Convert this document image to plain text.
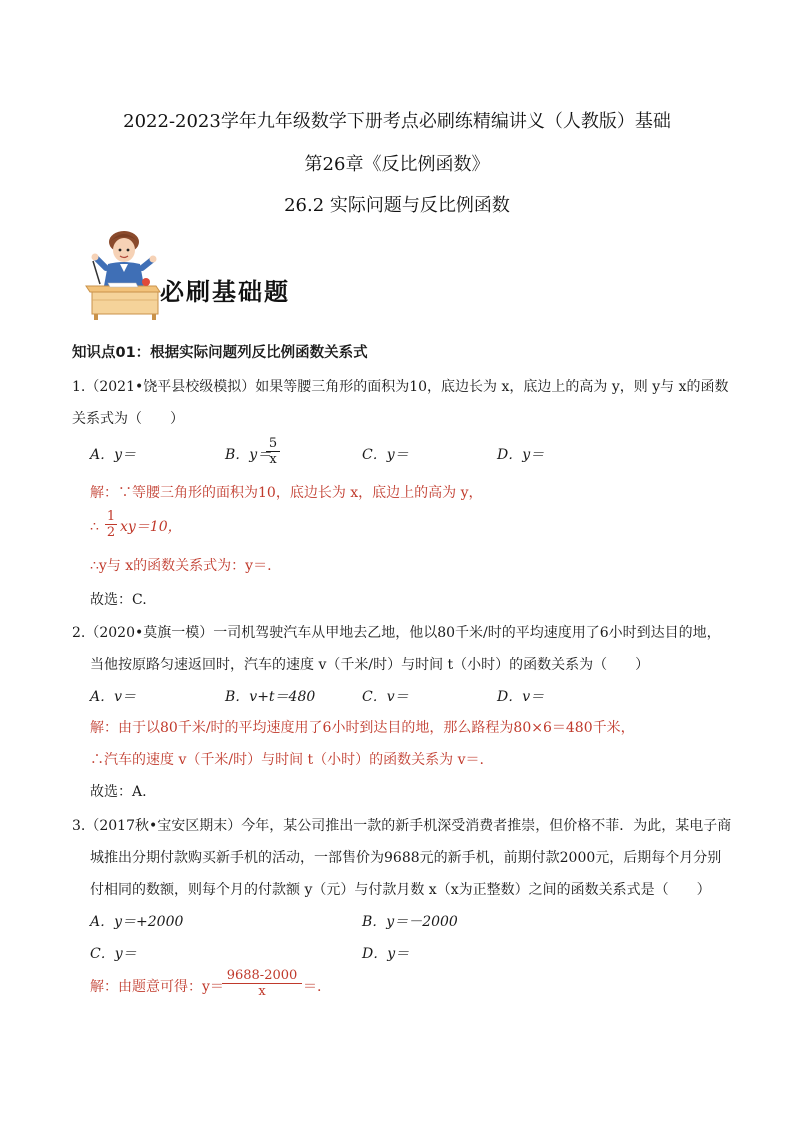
2022-2023学年九年级数学下册考点必刷练精编讲义（人教版）基础
第26章《反比例函数》
26.2 实际问题与反比例函数
必刷基础题
知识点01：根据实际问题列反比例函数关系式
1.（2021•饶平县校级模拟）如果等腰三角形的面积为10，底边长为 x，底边上的高为 y，则 y与 x的函数
关系式为（　　）
A．y＝	B．y＝
5
x	C．y＝	D．y＝
解：∵等腰三角形的面积为10，底边长为 x，底边上的高为 y，
∴
1
2 xy＝10，
∴y与 x的函数关系式为：y＝.
故选：C.
2.（2020•莫旗一模）一司机驾驶汽车从甲地去乙地，他以80千米/时的平均速度用了6小时到达目的地，
当他按原路匀速返回时，汽车的速度 v（千米/时）与时间 t（小时）的函数关系为（　　）
A．v＝	B．v+t＝480	C．v＝	D．v＝
解：由于以80千米/时的平均速度用了6小时到达目的地，那么路程为80×6＝480千米，
∴汽车的速度 v（千米/时）与时间 t（小时）的函数关系为 v＝.
故选：A.
3.（2017秋•宝安区期末）今年，某公司推出一款的新手机深受消费者推崇，但价格不菲．为此，某电子商
城推出分期付款购买新手机的活动，一部售价为9688元的新手机，前期付款2000元，后期每个月分别
付相同的数额，则每个月的付款额 y（元）与付款月数 x（x为正整数）之间的函数关系式是（　　）
A．y＝+2000	B．y＝－2000
C．y＝	D．y＝
解：由题意可得：y＝
9688-2000
x	＝.
